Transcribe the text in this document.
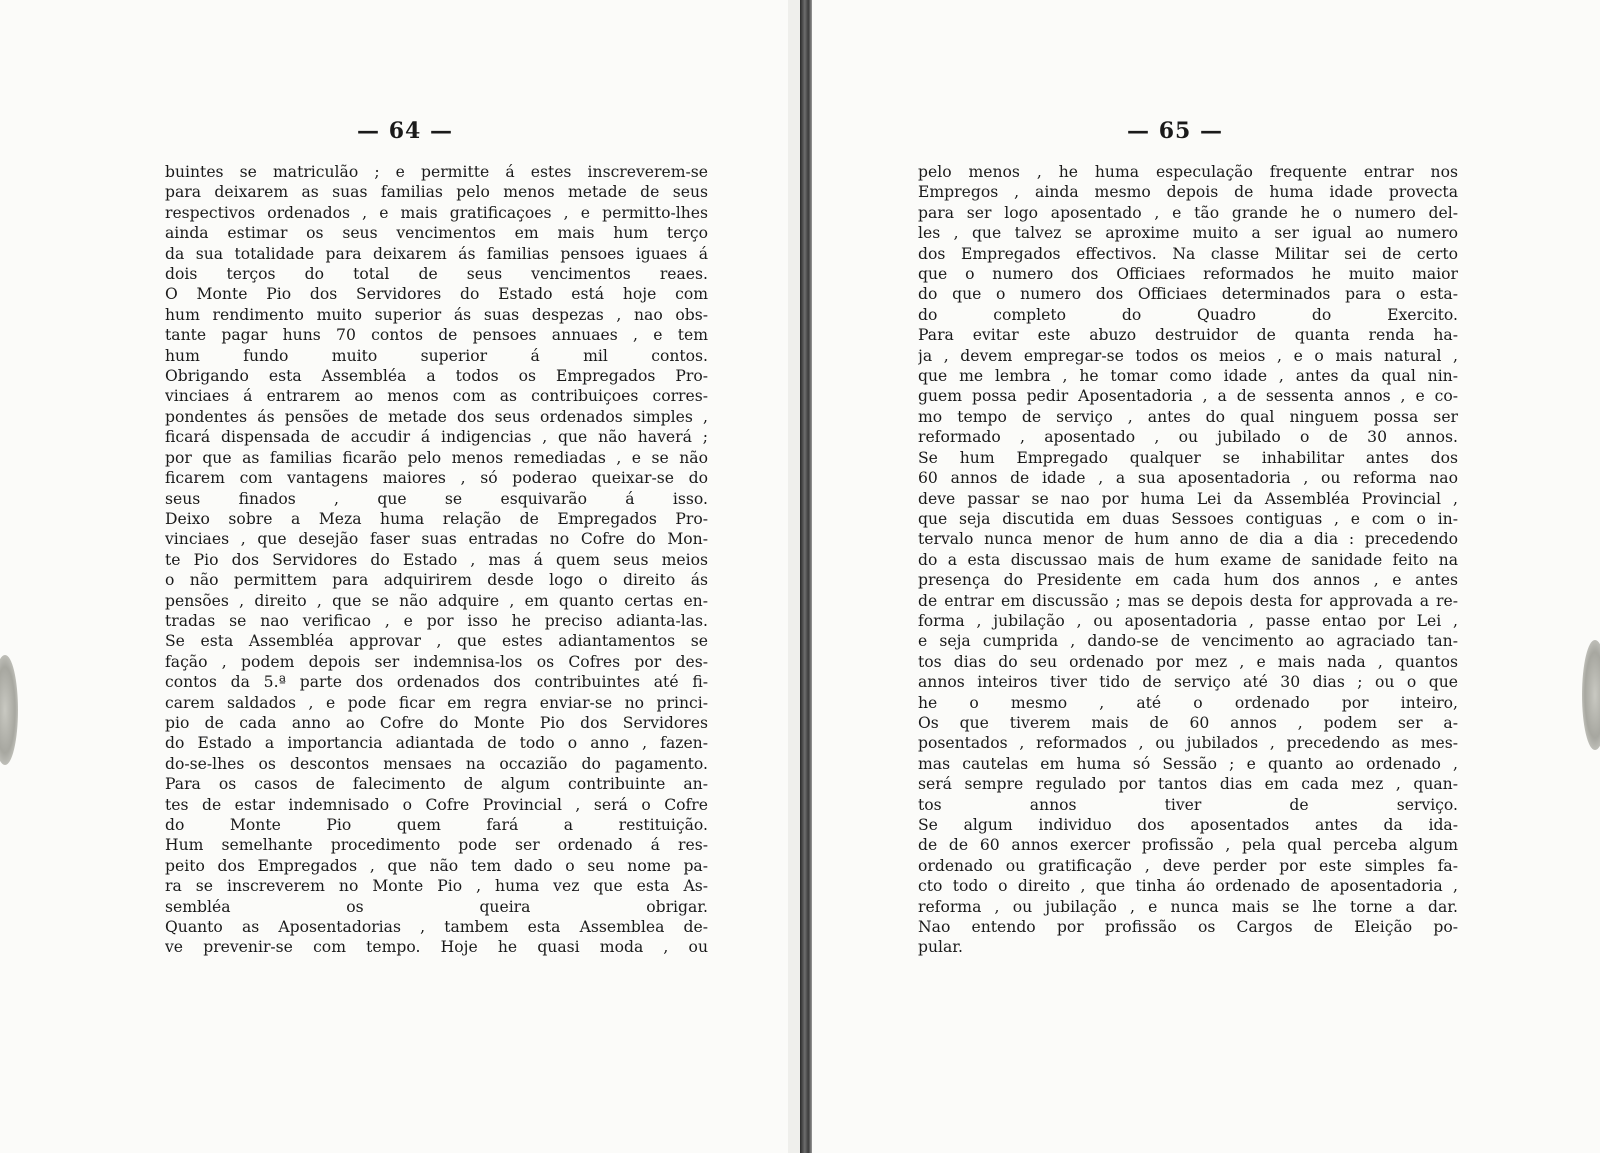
— 64 —	— 65 —
buintes se matriculão ; e permitte á estes inscreverem-se
para deixarem as suas familias pelo menos metade de seus
respectivos ordenados , e mais gratificaçoes , e permitto-lhes
ainda estimar os seus vencimentos em mais hum terço
da sua totalidade para deixarem ás familias pensoes iguaes á
dois terços do total de seus vencimentos reaes.
O Monte Pio dos Servidores do Estado está hoje com
hum rendimento muito superior ás suas despezas , nao obs-
tante pagar huns 70 contos de pensoes annuaes , e tem
hum fundo muito superior á mil contos.
Obrigando esta Assembléa a todos os Empregados Pro-
vinciaes á entrarem ao menos com as contribuiçoes corres-
pondentes ás pensões de metade dos seus ordenados simples ,
ficará dispensada de accudir á indigencias , que não haverá ;
por que as familias ficarão pelo menos remediadas , e se não
ficarem com vantagens maiores , só poderao queixar-se do
seus finados , que se esquivarão á isso.
Deixo sobre a Meza huma relação de Empregados Pro-
vinciaes , que desejão faser suas entradas no Cofre do Mon-
te Pio dos Servidores do Estado , mas á quem seus meios
o não permittem para adquirirem desde logo o direito ás
pensões , direito , que se não adquire , em quanto certas en-
tradas se nao verificao , e por isso he preciso adianta-las.
Se esta Assembléa approvar , que estes adiantamentos se
fação , podem depois ser indemnisa-los os Cofres por des-
contos da 5.ª parte dos ordenados dos contribuintes até fi-
carem saldados , e pode ficar em regra enviar-se no princi-
pio de cada anno ao Cofre do Monte Pio dos Servidores
do Estado a importancia adiantada de todo o anno , fazen-
do-se-lhes os descontos mensaes na occazião do pagamento.
Para os casos de falecimento de algum contribuinte an-
tes de estar indemnisado o Cofre Provincial , será o Cofre
do Monte Pio quem fará a restituição.
Hum semelhante procedimento pode ser ordenado á res-
peito dos Empregados , que não tem dado o seu nome pa-
ra se inscreverem no Monte Pio , huma vez que esta As-
sembléa os queira obrigar.
Quanto as Aposentadorias , tambem esta Assemblea de-
ve prevenir-se com tempo. Hoje he quasi moda , ou
pelo menos , he huma especulação frequente entrar nos
Empregos , ainda mesmo depois de huma idade provecta
para ser logo aposentado , e tão grande he o numero del-
les , que talvez se aproxime muito a ser igual ao numero
dos Empregados effectivos. Na classe Militar sei de certo
que o numero dos Officiaes reformados he muito maior
do que o numero dos Officiaes determinados para o esta-
do completo do Quadro do Exercito.
Para evitar este abuzo destruidor de quanta renda ha-
ja , devem empregar-se todos os meios , e o mais natural ,
que me lembra , he tomar como idade , antes da qual nin-
guem possa pedir Aposentadoria , a de sessenta annos , e co-
mo tempo de serviço , antes do qual ninguem possa ser
reformado , aposentado , ou jubilado o de 30 annos.
Se hum Empregado qualquer se inhabilitar antes dos
60 annos de idade , a sua aposentadoria , ou reforma nao
deve passar se nao por huma Lei da Assembléa Provincial ,
que seja discutida em duas Sessoes contiguas , e com o in-
tervalo nunca menor de hum anno de dia a dia : precedendo
do a esta discussao mais de hum exame de sanidade feito na
presença do Presidente em cada hum dos annos , e antes
de entrar em discussão ; mas se depois desta for approvada a re-
forma , jubilação , ou aposentadoria , passe entao por Lei ,
e seja cumprida , dando-se de vencimento ao agraciado tan-
tos dias do seu ordenado por mez , e mais nada , quantos
annos inteiros tiver tido de serviço até 30 dias ; ou o que
he o mesmo , até o ordenado por inteiro,
Os que tiverem mais de 60 annos , podem ser a-
posentados , reformados , ou jubilados , precedendo as mes-
mas cautelas em huma só Sessão ; e quanto ao ordenado ,
será sempre regulado por tantos dias em cada mez , quan-
tos annos tiver de serviço.
Se algum individuo dos aposentados antes da ida-
de de 60 annos exercer profissão , pela qual perceba algum
ordenado ou gratificação , deve perder por este simples fa-
cto todo o direito , que tinha áo ordenado de aposentadoria ,
reforma , ou jubilação , e nunca mais se lhe torne a dar.
Nao entendo por profissão os Cargos de Eleição po-
pular.
